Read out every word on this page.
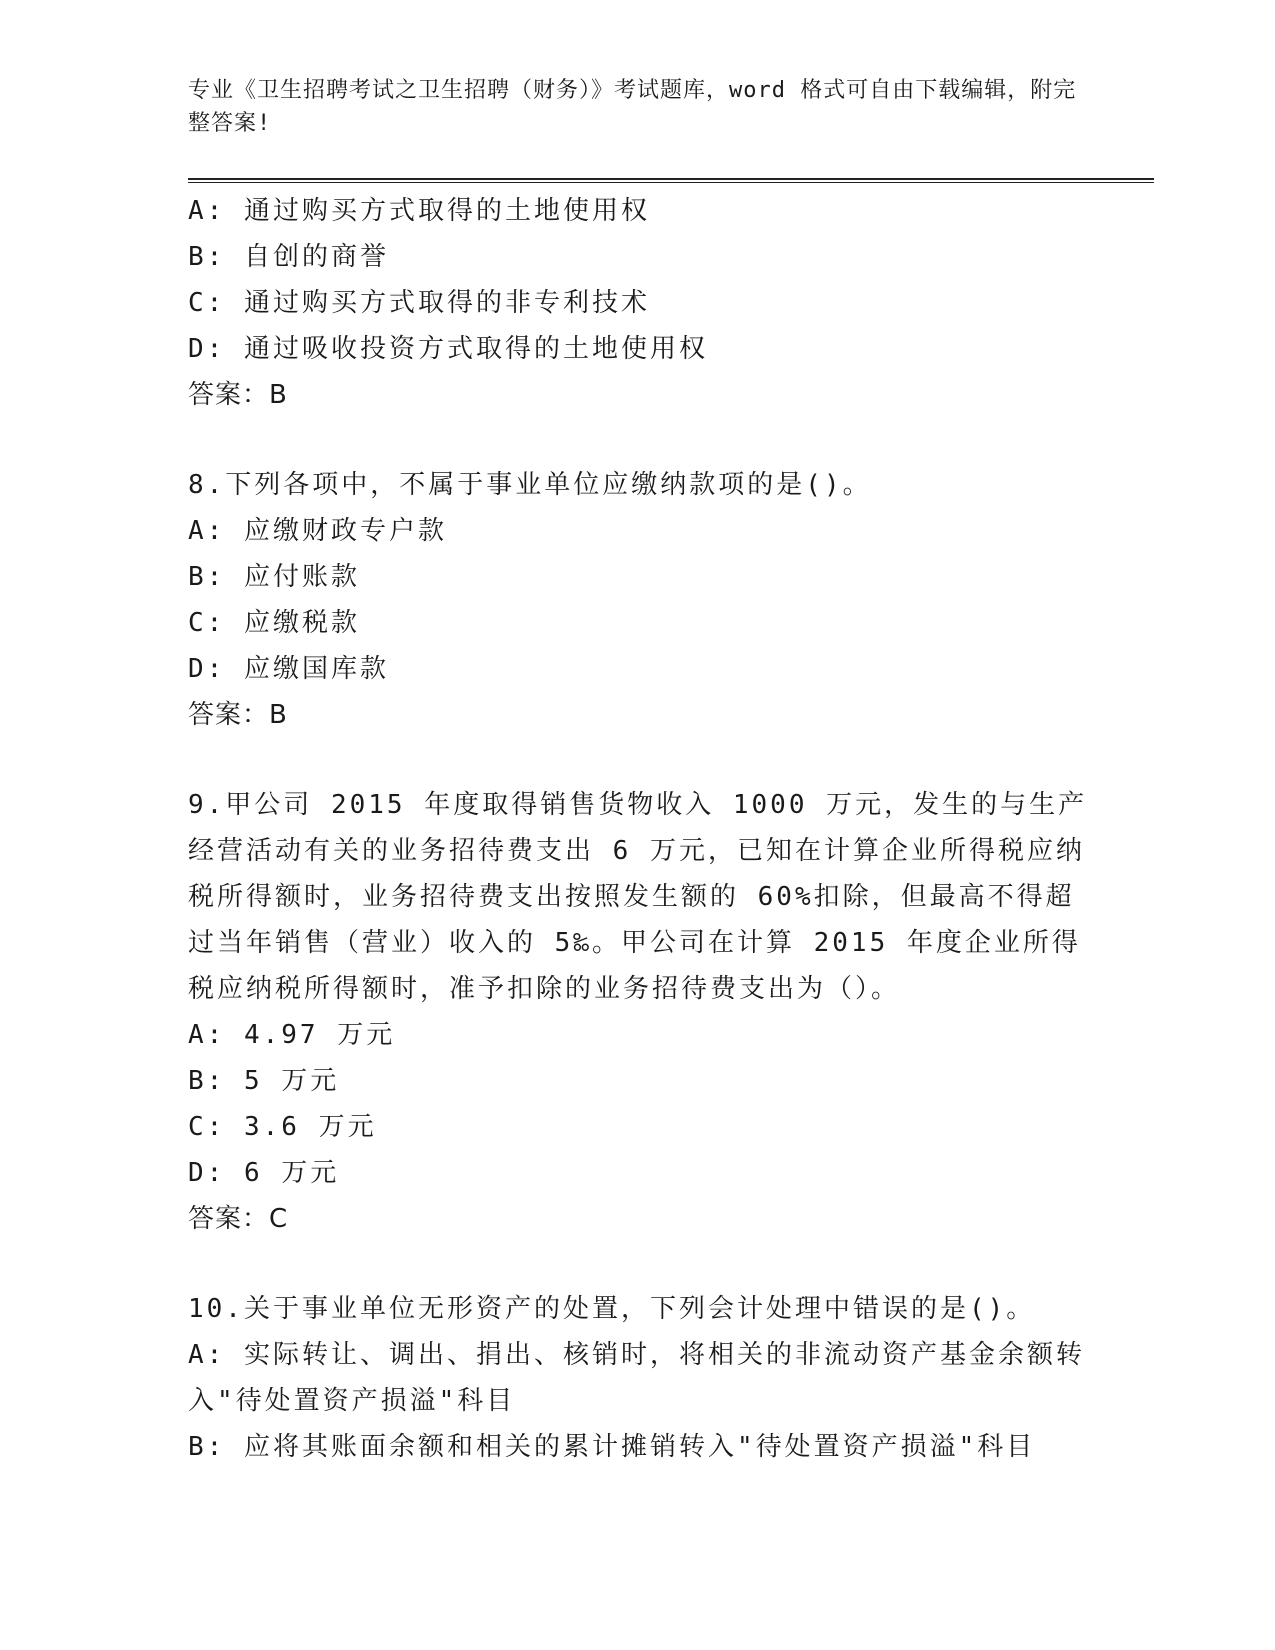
专业《卫生招聘考试之卫生招聘（财务）》考试题库，word 格式可自由下载编辑，附完整答案!
A: 通过购买方式取得的土地使用权
B: 自创的商誉
C: 通过购买方式取得的非专利技术
D: 通过吸收投资方式取得的土地使用权
答案：B
8.下列各项中，不属于事业单位应缴纳款项的是()。
A: 应缴财政专户款
B: 应付账款
C: 应缴税款
D: 应缴国库款
答案：B
9.甲公司 2015 年度取得销售货物收入 1000 万元，发生的与生产经营活动有关的业务招待费支出 6 万元，已知在计算企业所得税应纳税所得额时，业务招待费支出按照发生额的 60%扣除，但最高不得超过当年销售（营业）收入的 5‰。甲公司在计算 2015 年度企业所得税应纳税所得额时，准予扣除的业务招待费支出为（）。
A: 4.97 万元
B: 5 万元
C: 3.6 万元
D: 6 万元
答案：C
10.关于事业单位无形资产的处置，下列会计处理中错误的是()。
A: 实际转让、调出、捐出、核销时，将相关的非流动资产基金余额转入"待处置资产损溢"科目
B: 应将其账面余额和相关的累计摊销转入"待处置资产损溢"科目
